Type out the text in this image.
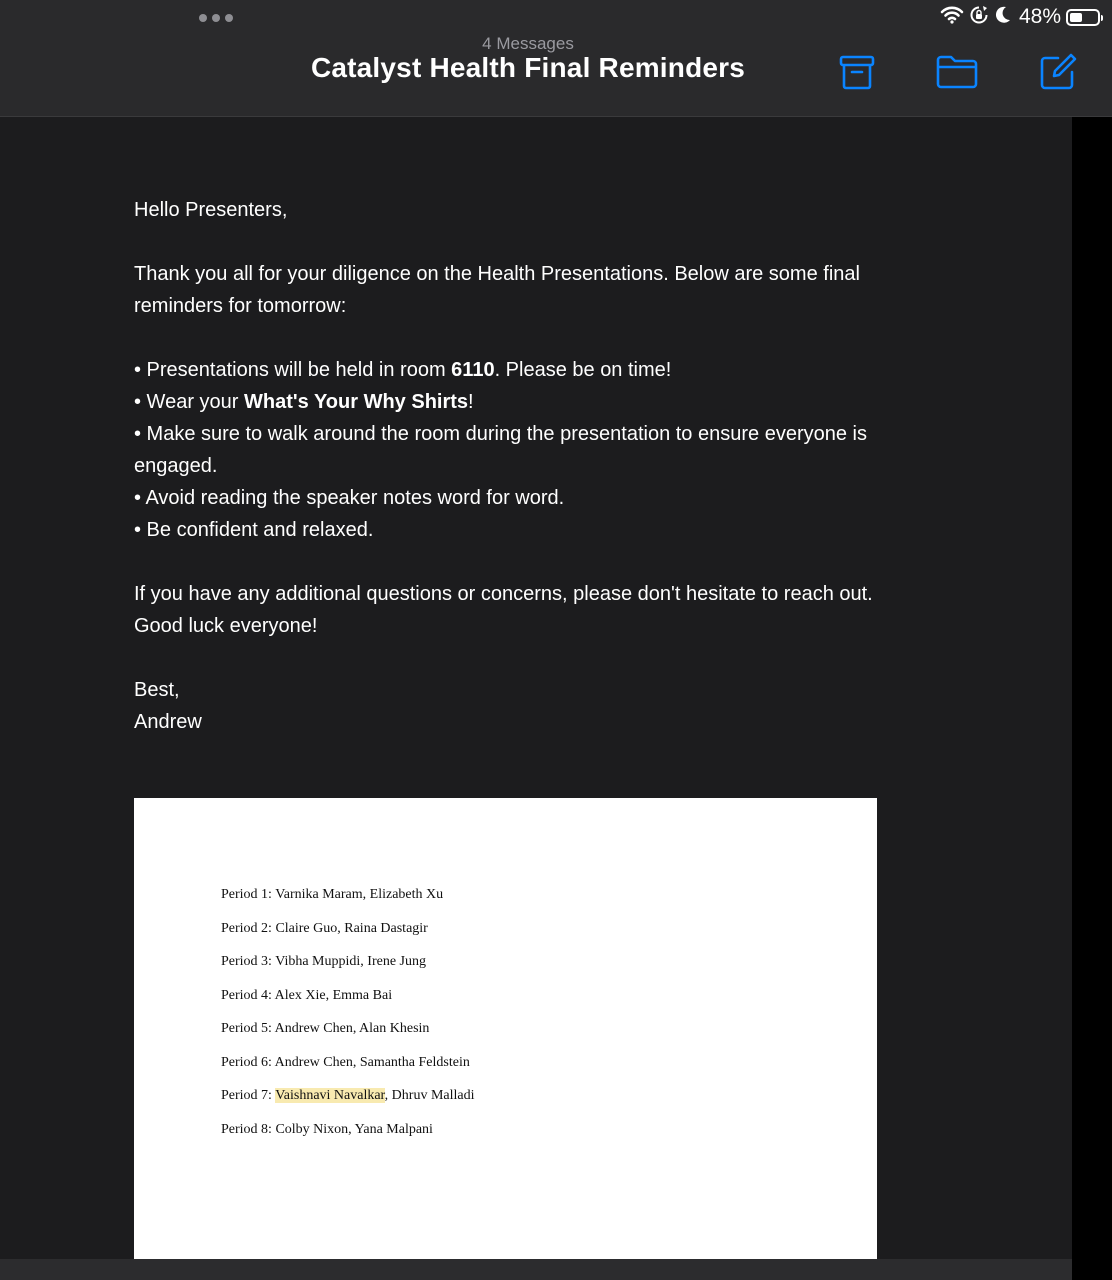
48%
4 Messages
Catalyst Health Final Reminders

Hello Presenters,

Thank you all for your diligence on the Health Presentations. Below are some final reminders for tomorrow:

• Presentations will be held in room 6110. Please be on time!

• Wear your What's Your Why Shirts!

• Make sure to walk around the room during the presentation to ensure everyone is engaged.

• Avoid reading the speaker notes word for word.

• Be confident and relaxed.

If you have any additional questions or concerns, please don't hesitate to reach out. Good luck everyone!

Best,

Andrew

Period 1: Varnika Maram, Elizabeth Xu
Period 2: Claire Guo, Raina Dastagir
Period 3: Vibha Muppidi, Irene Jung
Period 4: Alex Xie, Emma Bai
Period 5: Andrew Chen, Alan Khesin
Period 6: Andrew Chen, Samantha Feldstein
Period 7: Vaishnavi Navalkar, Dhruv Malladi
Period 8: Colby Nixon, Yana Malpani
